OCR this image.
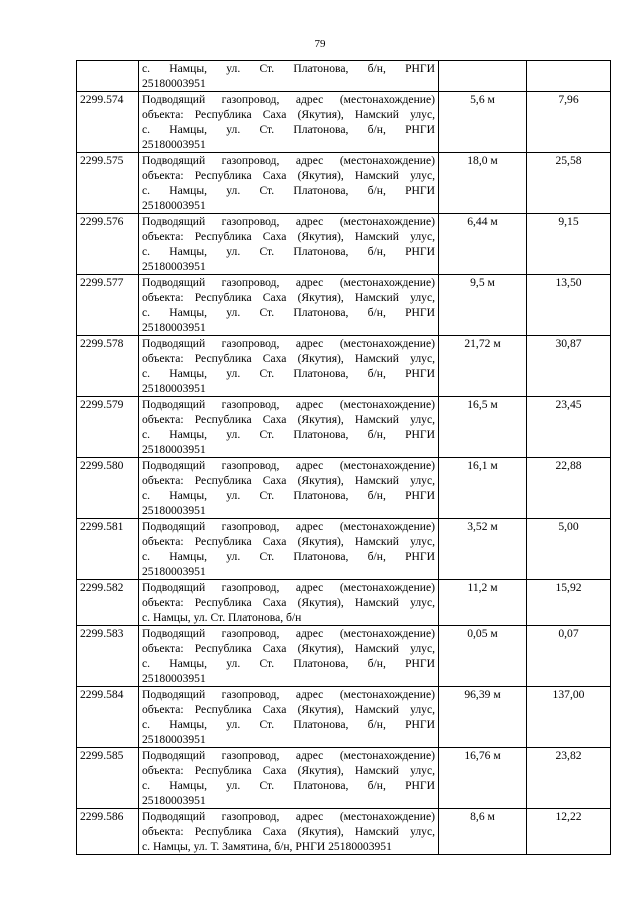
79
	с. Намцы, ул. Ст. Платонова, б/н, РНГИ
25180003951		

2299.574	Подводящий газопровод, адрес (местонахождение)
объекта: Республика Саха (Якутия), Намский улус,
с. Намцы, ул. Ст. Платонова, б/н, РНГИ
25180003951	5,6 м	7,96
2299.575	Подводящий газопровод, адрес (местонахождение)
объекта: Республика Саха (Якутия), Намский улус,
с. Намцы, ул. Ст. Платонова, б/н, РНГИ
25180003951	18,0 м	25,58
2299.576	Подводящий газопровод, адрес (местонахождение)
объекта: Республика Саха (Якутия), Намский улус,
с. Намцы, ул. Ст. Платонова, б/н, РНГИ
25180003951	6,44 м	9,15
2299.577	Подводящий газопровод, адрес (местонахождение)
объекта: Республика Саха (Якутия), Намский улус,
с. Намцы, ул. Ст. Платонова, б/н, РНГИ
25180003951	9,5 м	13,50
2299.578	Подводящий газопровод, адрес (местонахождение)
объекта: Республика Саха (Якутия), Намский улус,
с. Намцы, ул. Ст. Платонова, б/н, РНГИ
25180003951	21,72 м	30,87
2299.579	Подводящий газопровод, адрес (местонахождение)
объекта: Республика Саха (Якутия), Намский улус,
с. Намцы, ул. Ст. Платонова, б/н, РНГИ
25180003951	16,5 м	23,45
2299.580	Подводящий газопровод, адрес (местонахождение)
объекта: Республика Саха (Якутия), Намский улус,
с. Намцы, ул. Ст. Платонова, б/н, РНГИ
25180003951	16,1 м	22,88
2299.581	Подводящий газопровод, адрес (местонахождение)
объекта: Республика Саха (Якутия), Намский улус,
с. Намцы, ул. Ст. Платонова, б/н, РНГИ
25180003951	3,52 м	5,00
2299.582	Подводящий газопровод, адрес (местонахождение)
объекта: Республика Саха (Якутия), Намский улус,
с. Намцы, ул. Ст. Платонова, б/н	11,2 м	15,92
2299.583	Подводящий газопровод, адрес (местонахождение)
объекта: Республика Саха (Якутия), Намский улус,
с. Намцы, ул. Ст. Платонова, б/н, РНГИ
25180003951	0,05 м	0,07
2299.584	Подводящий газопровод, адрес (местонахождение)
объекта: Республика Саха (Якутия), Намский улус,
с. Намцы, ул. Ст. Платонова, б/н, РНГИ
25180003951	96,39 м	137,00
2299.585	Подводящий газопровод, адрес (местонахождение)
объекта: Республика Саха (Якутия), Намский улус,
с. Намцы, ул. Ст. Платонова, б/н, РНГИ
25180003951	16,76 м	23,82
2299.586	Подводящий газопровод, адрес (местонахождение)
объекта: Республика Саха (Якутия), Намский улус,
с. Намцы, ул. Т. Замятина, б/н, РНГИ 25180003951	8,6 м	12,22
